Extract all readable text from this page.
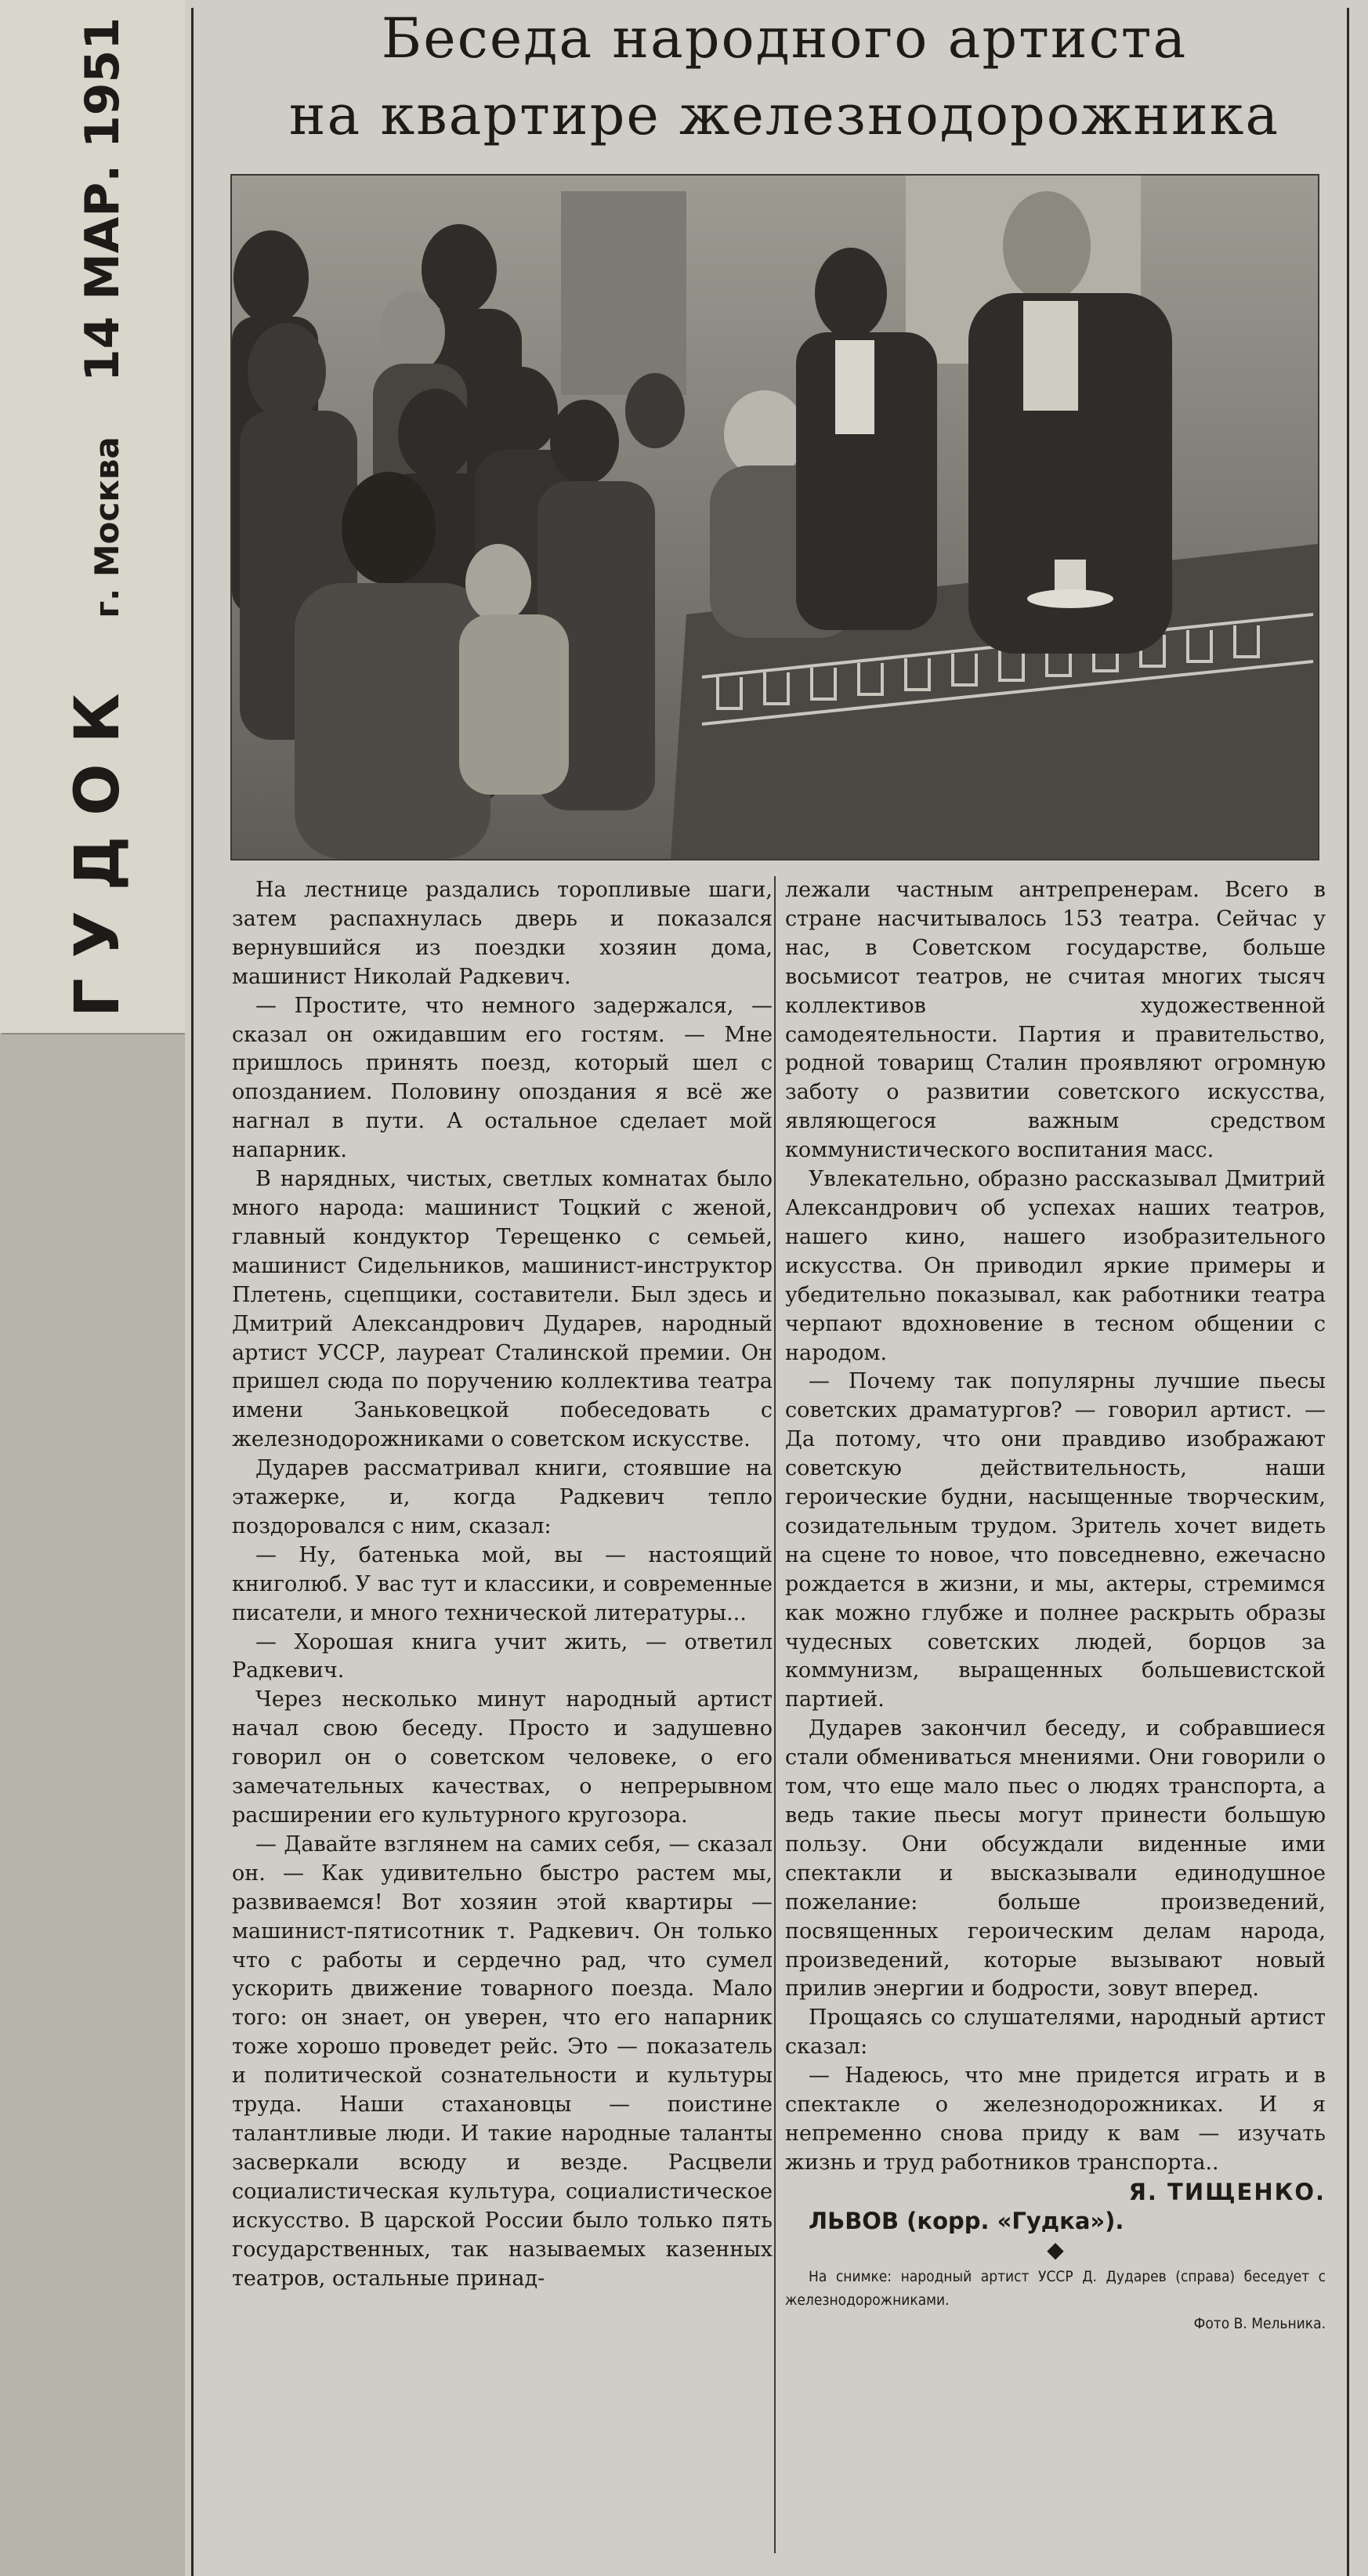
ГУДОК
г. Москва
14 МАР. 1951	Беседа народного артиста
на квартире железнодорожника

На лестнице раздались торопливые шаги, затем распахнулась дверь и показался вернувшийся из поездки хозяин дома, машинист Николай Радкевич.

— Простите, что немного задержался, — сказал он ожидавшим его гостям. — Мне пришлось принять поезд, который шел с опозданием. Половину опоздания я всё же нагнал в пути. А остальное сделает мой напарник.

В нарядных, чистых, светлых комнатах было много народа: машинист Тоцкий с женой, главный кондуктор Терещенко с семьей, машинист Сидельников, машинист-инструктор Плетень, сцепщики, составители. Был здесь и Дмитрий Александрович Дударев, народный артист УССР, лауреат Сталинской премии. Он пришел сюда по поручению коллектива театра имени Заньковецкой побеседовать с железнодорожниками о советском искусстве.

Дударев рассматривал книги, стоявшие на этажерке, и, когда Радкевич тепло поздоровался с ним, сказал:

— Ну, батенька мой, вы — настоящий книголюб. У вас тут и классики, и современные писатели, и много технической литературы...

— Хорошая книга учит жить, — ответил Радкевич.

Через несколько минут народный артист начал свою беседу. Просто и задушевно говорил он о советском человеке, о его замечательных качествах, о непрерывном расширении его культурного кругозора.

— Давайте взглянем на самих себя, — сказал он. — Как удивительно быстро растем мы, развиваемся! Вот хозяин этой квартиры — машинист-пятисотник т. Радкевич. Он только что с работы и сердечно рад, что сумел ускорить движение товарного поезда. Мало того: он знает, он уверен, что его напарник тоже хорошо проведет рейс. Это — показатель и политической сознательности и культуры труда. Наши стахановцы — поистине талантливые люди. И такие народные таланты засверкали всюду и везде. Расцвели социалистическая культура, социалистическое искусство. В царской России было только пять государственных, так называемых казенных театров, остальные принад-

лежали частным антрепренерам. Всего в стране насчитывалось 153 театра. Сейчас у нас, в Советском государстве, больше восьмисот театров, не считая многих тысяч коллективов художественной самодеятельности. Партия и правительство, родной товарищ Сталин проявляют огромную заботу о развитии советского искусства, являющегося важным средством коммунистического воспитания масс.

Увлекательно, образно рассказывал Дмитрий Александрович об успехах наших театров, нашего кино, нашего изобразительного искусства. Он приводил яркие примеры и убедительно показывал, как работники театра черпают вдохновение в тесном общении с народом.

— Почему так популярны лучшие пьесы советских драматургов? — говорил артист. — Да потому, что они правдиво изображают советскую действительность, наши героические будни, насыщенные творческим, созидательным трудом. Зритель хочет видеть на сцене то новое, что повседневно, ежечасно рождается в жизни, и мы, актеры, стремимся как можно глубже и полнее раскрыть образы чудесных советских людей, борцов за коммунизм, выращенных большевистской партией.

Дударев закончил беседу, и собравшиеся стали обмениваться мнениями. Они говорили о том, что еще мало пьес о людях транспорта, а ведь такие пьесы могут принести большую пользу. Они обсуждали виденные ими спектакли и высказывали единодушное пожелание: больше произведений, посвященных героическим делам народа, произведений, которые вызывают новый прилив энергии и бодрости, зовут вперед.

Прощаясь со слушателями, народный артист сказал:

— Надеюсь, что мне придется играть и в спектакле о железнодорожниках. И я непременно снова приду к вам — изучать жизнь и труд работников транспорта..

Я. ТИЩЕНКО.

ЛЬВОВ (корр. «Гудка»).

◆

На снимке: народный артист УССР Д. Дударев (справа) беседует с железнодорожниками.
Фото В. Мельника.
